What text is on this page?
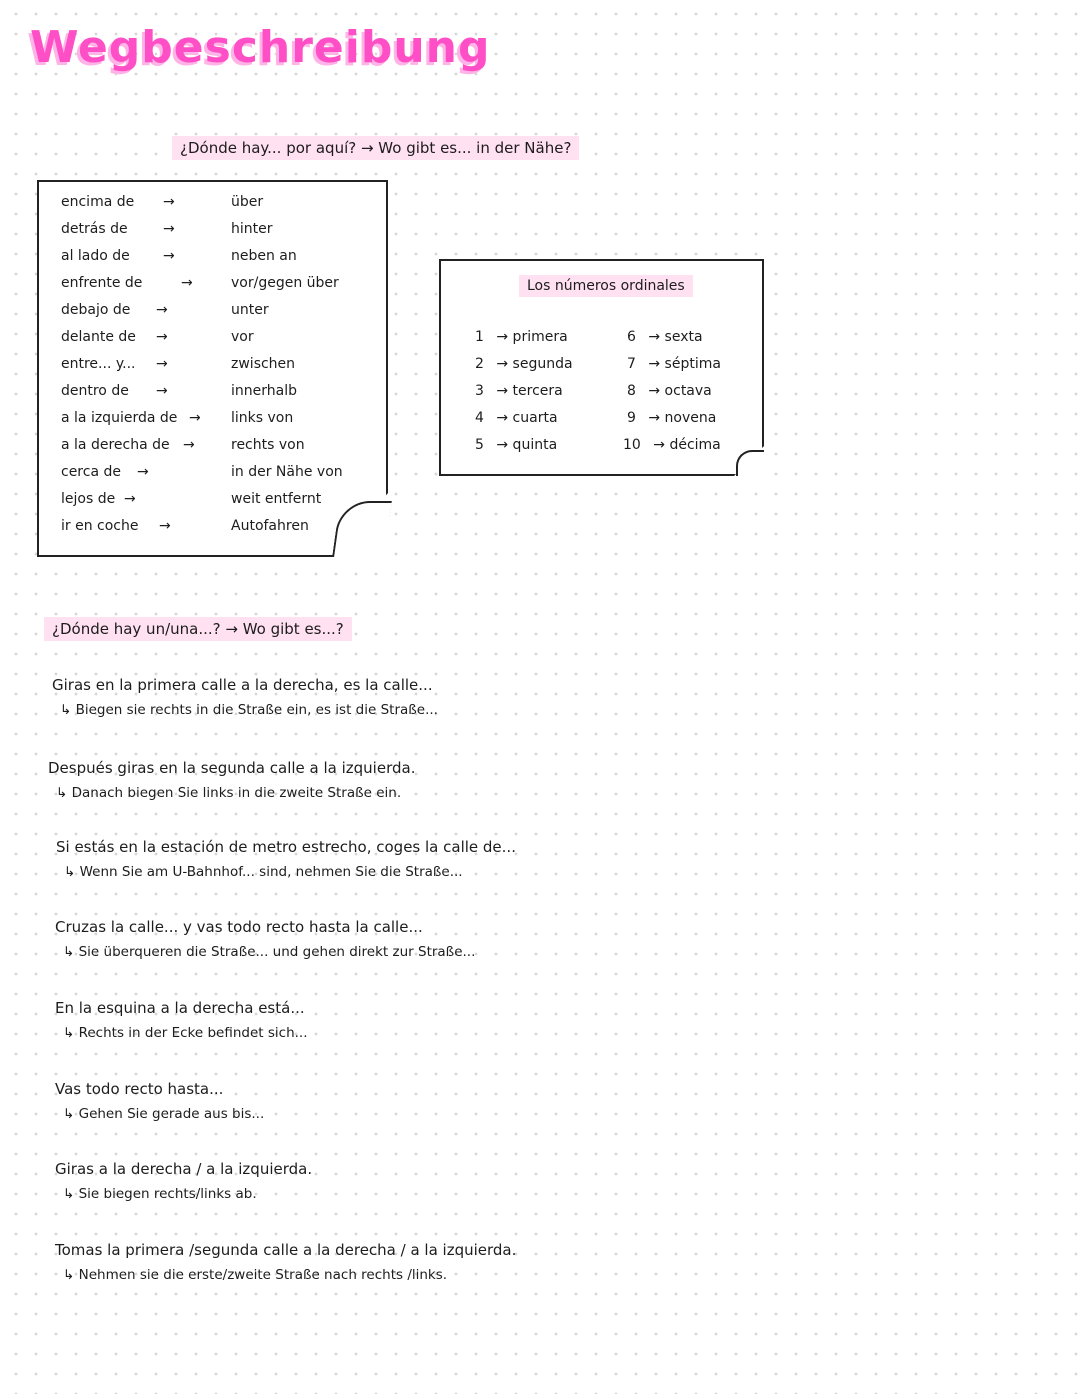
Wegbeschreibung
¿Dónde hay... por aquí? → Wo gibt es... in der Nähe?
encima de →	über
detrás de	→	hinter
al lado de →	neben an
enfrente de	→	vor/gegen über
debajo de →	unter
delante de →	vor
entre... y... →	zwischen
dentro de →	innerhalb
a la izquierda de → links von
a la derecha de →	rechts von
cerca de →	in der Nähe von
lejos de →	weit entfernt
ir en coche →	Autofahren
Los números ordinales
1 → primera
2 → segunda
3 → tercera
4 → cuarta
5 → quinta
6 → sexta
7 → séptima
8 → octava
9 → novena
10 → décima
¿Dónde hay un/una...? → Wo gibt es...?
Giras en la primera calle a la derecha, es la calle...
↳ Biegen sie rechts in die Straße ein, es ist die Straße...
Después giras en la segunda calle a la izquierda.
↳ Danach biegen Sie links in die zweite Straße ein.
Si estás en la estación de metro estrecho, coges la calle de...
↳ Wenn Sie am U-Bahnhof... sind, nehmen Sie die Straße...
Cruzas la calle... y vas todo recto hasta la calle...
↳ Sie überqueren die Straße... und gehen direkt zur Straße...
En la esquina a la derecha está...
↳ Rechts in der Ecke befindet sich...
Vas todo recto hasta...
↳ Gehen Sie gerade aus bis...
Giras a la derecha / a la izquierda.
↳ Sie biegen rechts/links ab.
Tomas la primera /segunda calle a la derecha / a la izquierda.
↳ Nehmen sie die erste/zweite Straße nach rechts /links.
